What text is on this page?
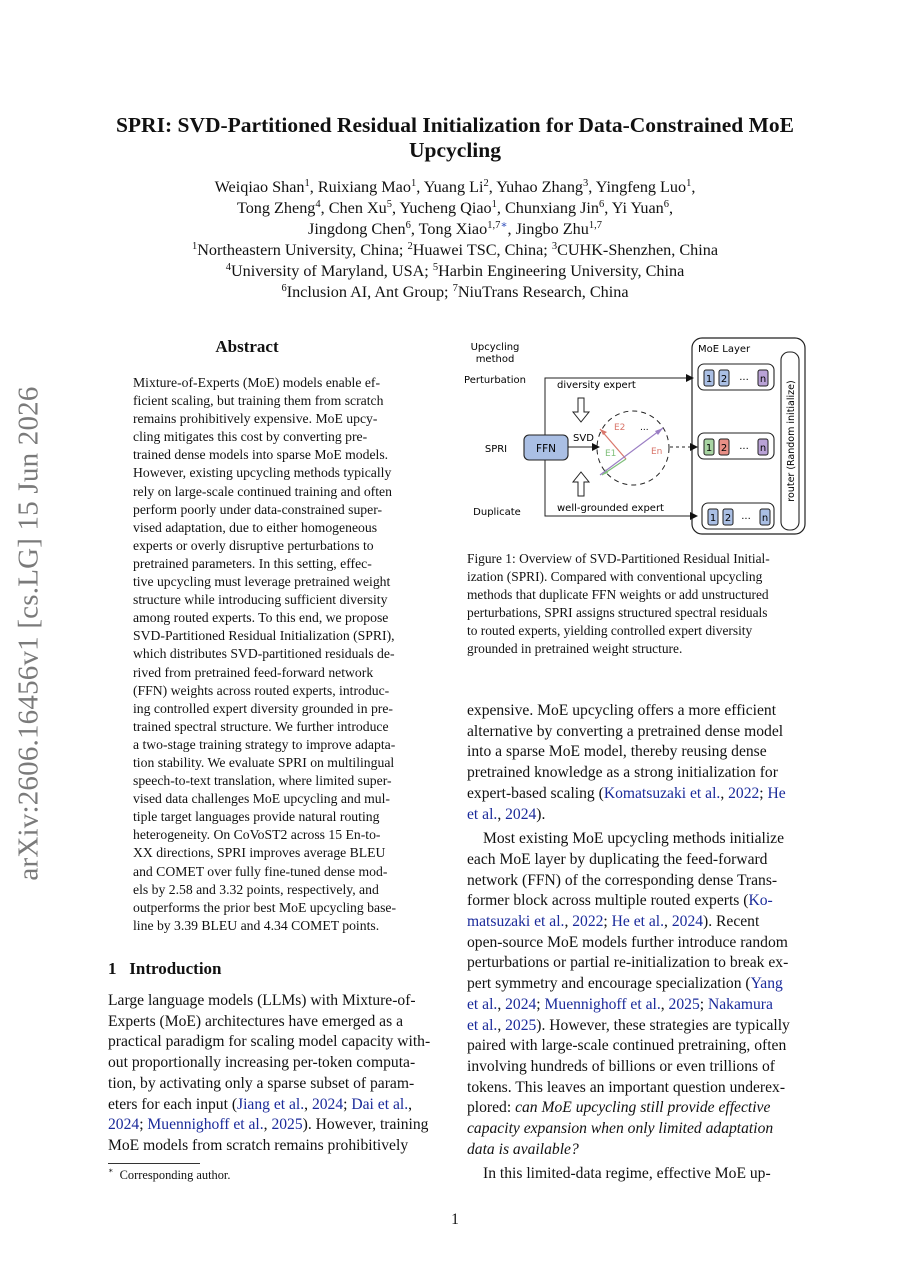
arXiv:2606.16456v1 [cs.LG] 15 Jun 2026
SPRI: SVD-Partitioned Residual Initialization for Data-Constrained MoE
Upcycling
Weiqiao Shan$^1$, Ruixiang Mao$^1$, Yuang Li$^2$, Yuhao Zhang$^3$, Yingfeng Luo$^1$,
Tong Zheng$^4$, Chen Xu$^5$, Yucheng Qiao$^1$, Chunxiang Jin$^6$, Yi Yuan$^6$,
Jingdong Chen$^6$, Tong Xiao$^{1,7∗}$, Jingbo Zhu$^{1,7}$
$^1$Northeastern University, China; $^2$Huawei TSC, China; $^3$CUHK-Shenzhen, China
$^4$University of Maryland, USA; $^5$Harbin Engineering University, China
$^6$Inclusion AI, Ant Group; $^7$NiuTrans Research, China
Abstract
Mixture-of-Experts (MoE) models enable ef-
ficient scaling, but training them from scratch
remains prohibitively expensive. MoE upcy-
cling mitigates this cost by converting pre-
trained dense models into sparse MoE models.
However, existing upcycling methods typically
rely on large-scale continued training and often
perform poorly under data-constrained super-
vised adaptation, due to either homogeneous
experts or overly disruptive perturbations to
pretrained parameters. In this setting, effec-
tive upcycling must leverage pretrained weight
structure while introducing sufficient diversity
among routed experts. To this end, we propose
SVD-Partitioned Residual Initialization (SPRI),
which distributes SVD-partitioned residuals de-
rived from pretrained feed-forward network
(FFN) weights across routed experts, introduc-
ing controlled expert diversity grounded in pre-
trained spectral structure. We further introduce
a two-stage training strategy to improve adapta-
tion stability. We evaluate SPRI on multilingual
speech-to-text translation, where limited super-
vised data challenges MoE upcycling and mul-
tiple target languages provide natural routing
heterogeneity. On CoVoST2 across 15 En-to-
XX directions, SPRI improves average BLEU
and COMET over fully fine-tuned dense mod-
els by 2.58 and 3.32 points, respectively, and
outperforms the prior best MoE upcycling base-
line by 3.39 BLEU and 4.34 COMET points.
1 Introduction
Large language models (LLMs) with Mixture-of-
Experts (MoE) architectures have emerged as a
practical paradigm for scaling model capacity with-
out proportionally increasing per-token computa-
tion, by activating only a sparse subset of param-
eters for each input (Jiang et al., 2024; Dai et al.,
2024; Muennighoff et al., 2025). However, training
MoE models from scratch remains prohibitively
expensive. MoE upcycling offers a more efficient
alternative by converting a pretrained dense model
into a sparse MoE model, thereby reusing dense
pretrained knowledge as a strong initialization for
expert-based scaling (Komatsuzaki et al., 2022; He
et al., 2024).
Most existing MoE upcycling methods initialize
each MoE layer by duplicating the feed-forward
network (FFN) of the corresponding dense Trans-
former block across multiple routed experts (Ko-
matsuzaki et al., 2022; He et al., 2024). Recent
open-source MoE models further introduce random
perturbations or partial re-initialization to break ex-
pert symmetry and encourage specialization (Yang
et al., 2024; Muennighoff et al., 2025; Nakamura
et al., 2025). However, these strategies are typically
paired with large-scale continued pretraining, often
involving hundreds of billions or even trillions of
tokens. This leaves an important question underex-
plored: can MoE upcycling still provide effective
capacity expansion when only limited adaptation
data is available?
In this limited-data regime, effective MoE up-
Upcycling
method
Perturbation
SPRI
Duplicate
MoE Layer
router (Random initialize)
1 2 ... n
1 2 ... n
1 2 ... n
FFN
diversity expert
well-grounded expert
SVD
E2
E1	En
...
Figure 1: Overview of SVD-Partitioned Residual Initial-
ization (SPRI). Compared with conventional upcycling
methods that duplicate FFN weights or add unstructured
perturbations, SPRI assigns structured spectral residuals
to routed experts, yielding controlled expert diversity
grounded in pretrained weight structure.
∗ Corresponding author.
1
